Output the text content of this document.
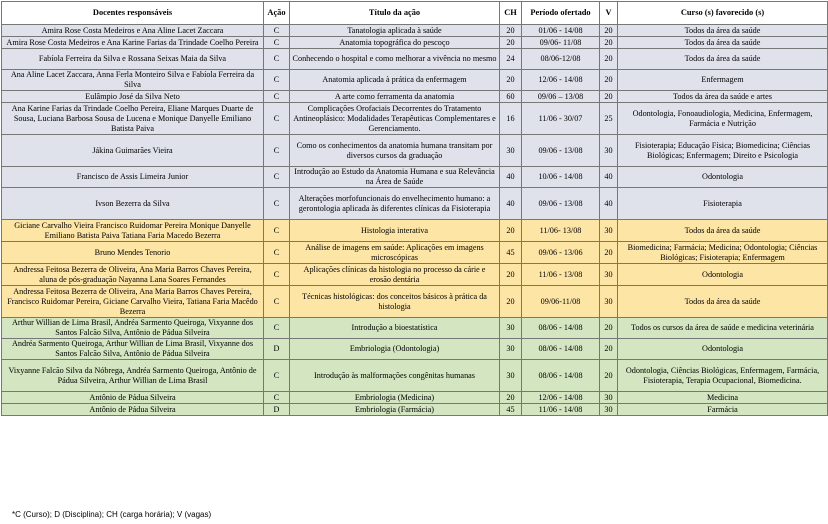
Docentes responsáveis	Ação	Título da ação	CH	Período ofertado	V	Curso (s) favorecido (s)
Amira Rose Costa Medeiros e Ana Aline Lacet Zaccara	C	Tanatologia aplicada à saúde	20	01/06 - 14/08	20	Todos da área da saúde
Amira Rose Costa Medeiros e Ana Karine Farias da Trindade Coelho Pereira	C	Anatomia topográfica do pescoço	20	09/06- 11/08	20	Todos da área da saúde
Fabíola Ferreira da Silva e Rossana Seixas Maia da Silva	C	Conhecendo o hospital e como melhorar a vivência no mesmo	24	08/06-12/08	20	Todos da área da saúde
Ana Aline Lacet Zaccara, Anna Ferla Monteiro Silva e Fabíola Ferreira da Silva	C	Anatomia aplicada à prática da enfermagem	20	12/06 - 14/08	20	Enfermagem
Eulâmpio José da Silva Neto	C	A arte como ferramenta da anatomia	60	09/06 – 13/08	20	Todos da área da saúde e artes
Ana Karine Farias da Trindade Coelho Pereira, Eliane Marques Duarte de Sousa, Luciana Barbosa Sousa de Lucena e Monique Danyelle Emiliano Batista Paiva	C	Complicações Orofaciais Decorrentes do Tratamento Antineoplásico: Modalidades Terapêuticas Complementares e Gerenciamento.	16	11/06 - 30/07	25	Odontologia, Fonoaudiologia, Medicina, Enfermagem, Farmácia e Nutrição
Jákina Guimarães Vieira	C	Como os conhecimentos da anatomia humana transitam por diversos cursos da graduação	30	09/06 - 13/08	30	Fisioterapia; Educação Física; Biomedicina; Ciências Biológicas; Enfermagem; Direito e Psicologia
Francisco de Assis Limeira Junior	C	Introdução ao Estudo da Anatomia Humana e sua Relevância na Área de Saúde	40	10/06 - 14/08	40	Odontologia
Ivson Bezerra da Silva	C	Alterações morfofuncionais do envelhecimento humano: a gerontologia aplicada às diferentes clínicas da Fisioterapia	40	09/06 - 13/08	40	Fisioterapia
Giciane Carvalho Vieira Francisco Ruidomar Pereira Monique Danyelle Emiliano Batista Paiva Tatiana Faria Macedo Bezerra	C	Histologia interativa	20	11/06- 13/08	30	Todos da área da saúde
Bruno Mendes Tenorio	C	Análise de imagens em saúde: Aplicações em imagens microscópicas	45	09/06 - 13/06	20	Biomedicina; Farmácia; Medicina; Odontologia; Ciências Biológicas; Fisioterapia; Enfermagem
Andressa Feitosa Bezerra de Oliveira, Ana Maria Barros Chaves Pereira, aluna de pós-graduação Nayanna Lana Soares Fernandes	C	Aplicações clínicas da histologia no processo da cárie e erosão dentária	20	11/06 - 13/08	30	Odontologia
Andressa Feitosa Bezerra de Oliveira, Ana Maria Barros Chaves Pereira, Francisco Ruidomar Pereira, Giciane Carvalho Vieira, Tatiana Faria Macêdo Bezerra	C	Técnicas histológicas: dos conceitos básicos à prática da histologia	20	09/06-11/08	30	Todos da área da saúde
Arthur Willian de Lima Brasil, Andréa Sarmento Queiroga, Vixyanne dos Santos Falcão Silva, Antônio de Pádua Silveira	C	Introdução a bioestatística	30	08/06 - 14/08	20	Todos os cursos da área de saúde e medicina veterinária
Andréa Sarmento Queiroga, Arthur Willian de Lima Brasil, Vixyanne dos Santos Falcão Silva, Antônio de Pádua Silveira	D	Embriologia (Odontologia)	30	08/06 - 14/08	20	Odontologia
Vixyanne Falcão Silva da Nóbrega, Andréa Sarmento Queiroga, Antônio de Pádua Silveira, Arthur Willian de Lima Brasil	C	Introdução às malformações congênitas humanas	30	08/06 - 14/08	20	Odontologia, Ciências Biológicas, Enfermagem, Farmácia, Fisioterapia, Terapia Ocupacional, Biomedicina.
Antônio de Pádua Silveira	C	Embriologia (Medicina)	20	12/06 - 14/08	30	Medicina
Antônio de Pádua Silveira	D	Embriologia (Farmácia)	45	11/06 - 14/08	30	Farmácia
*C (Curso); D (Disciplina); CH (carga horária); V (vagas)
